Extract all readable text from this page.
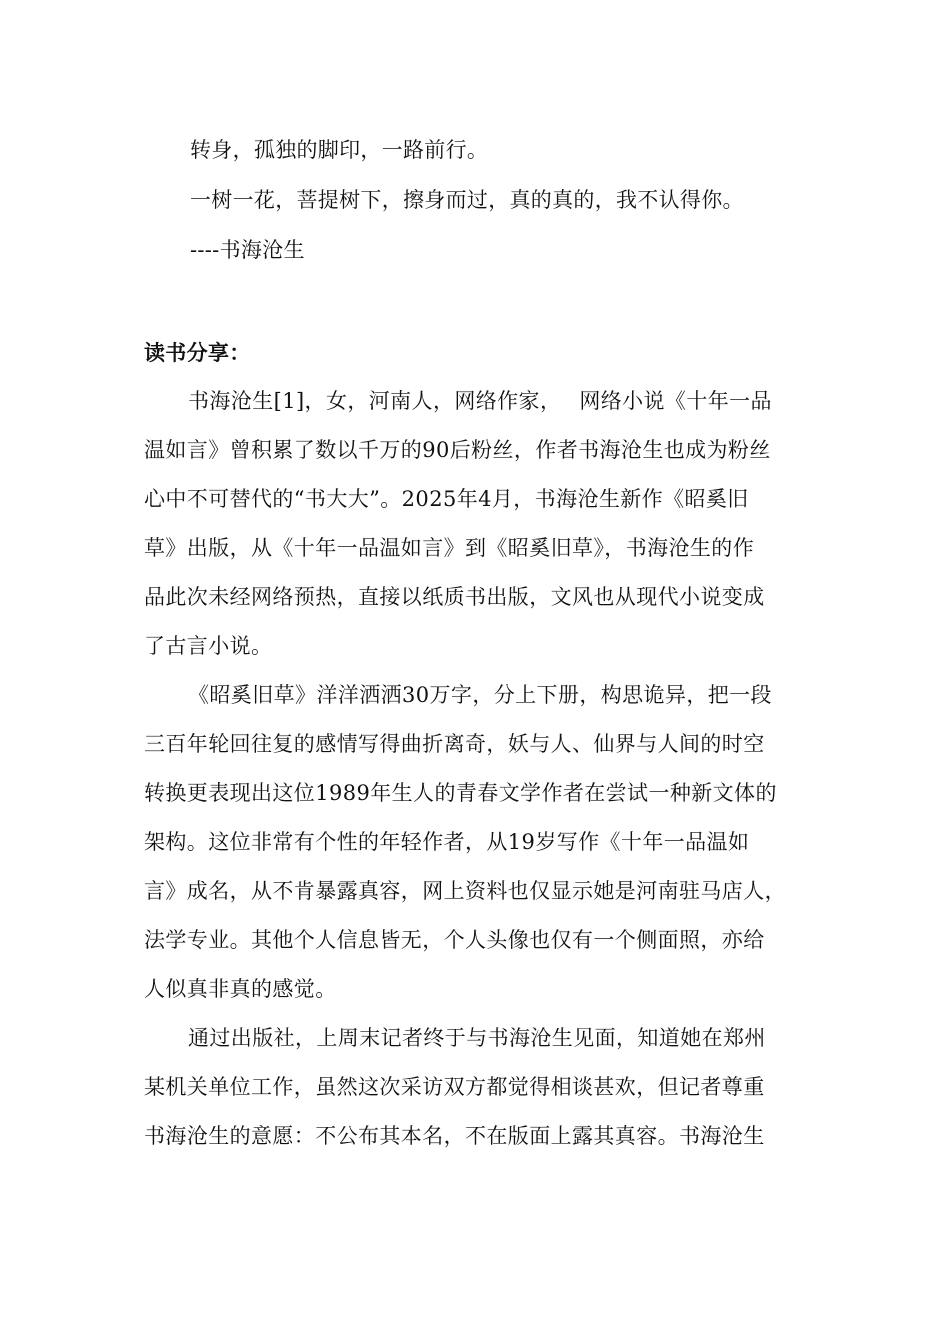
转身，孤独的脚印，一路前行。
一树一花，菩提树下，擦身而过，真的真的，我不认得你。
----书海沧生
读书分享：
书海沧生[1]，女，河南人，网络作家，　 网络小说《十年一品
温如言》曾积累了数以千万的90后粉丝，作者书海沧生也成为粉丝
心中不可替代的“书大大”。2025年4月，书海沧生新作《昭奚旧
草》出版，从《十年一品温如言》到《昭奚旧草》，书海沧生的作
品此次未经网络预热，直接以纸质书出版，文风也从现代小说变成
了古言小说。
《昭奚旧草》洋洋洒洒30万字，分上下册，构思诡异，把一段
三百年轮回往复的感情写得曲折离奇，妖与人、仙界与人间的时空
转换更表现出这位1989年生人的青春文学作者在尝试一种新文体的
架构。这位非常有个性的年轻作者，从19岁写作《十年一品温如
言》成名，从不肯暴露真容，网上资料也仅显示她是河南驻马店人，
法学专业。其他个人信息皆无，个人头像也仅有一个侧面照，亦给
人似真非真的感觉。
通过出版社，上周末记者终于与书海沧生见面，知道她在郑州
某机关单位工作，虽然这次采访双方都觉得相谈甚欢，但记者尊重
书海沧生的意愿：不公布其本名，不在版面上露其真容。书海沧生
